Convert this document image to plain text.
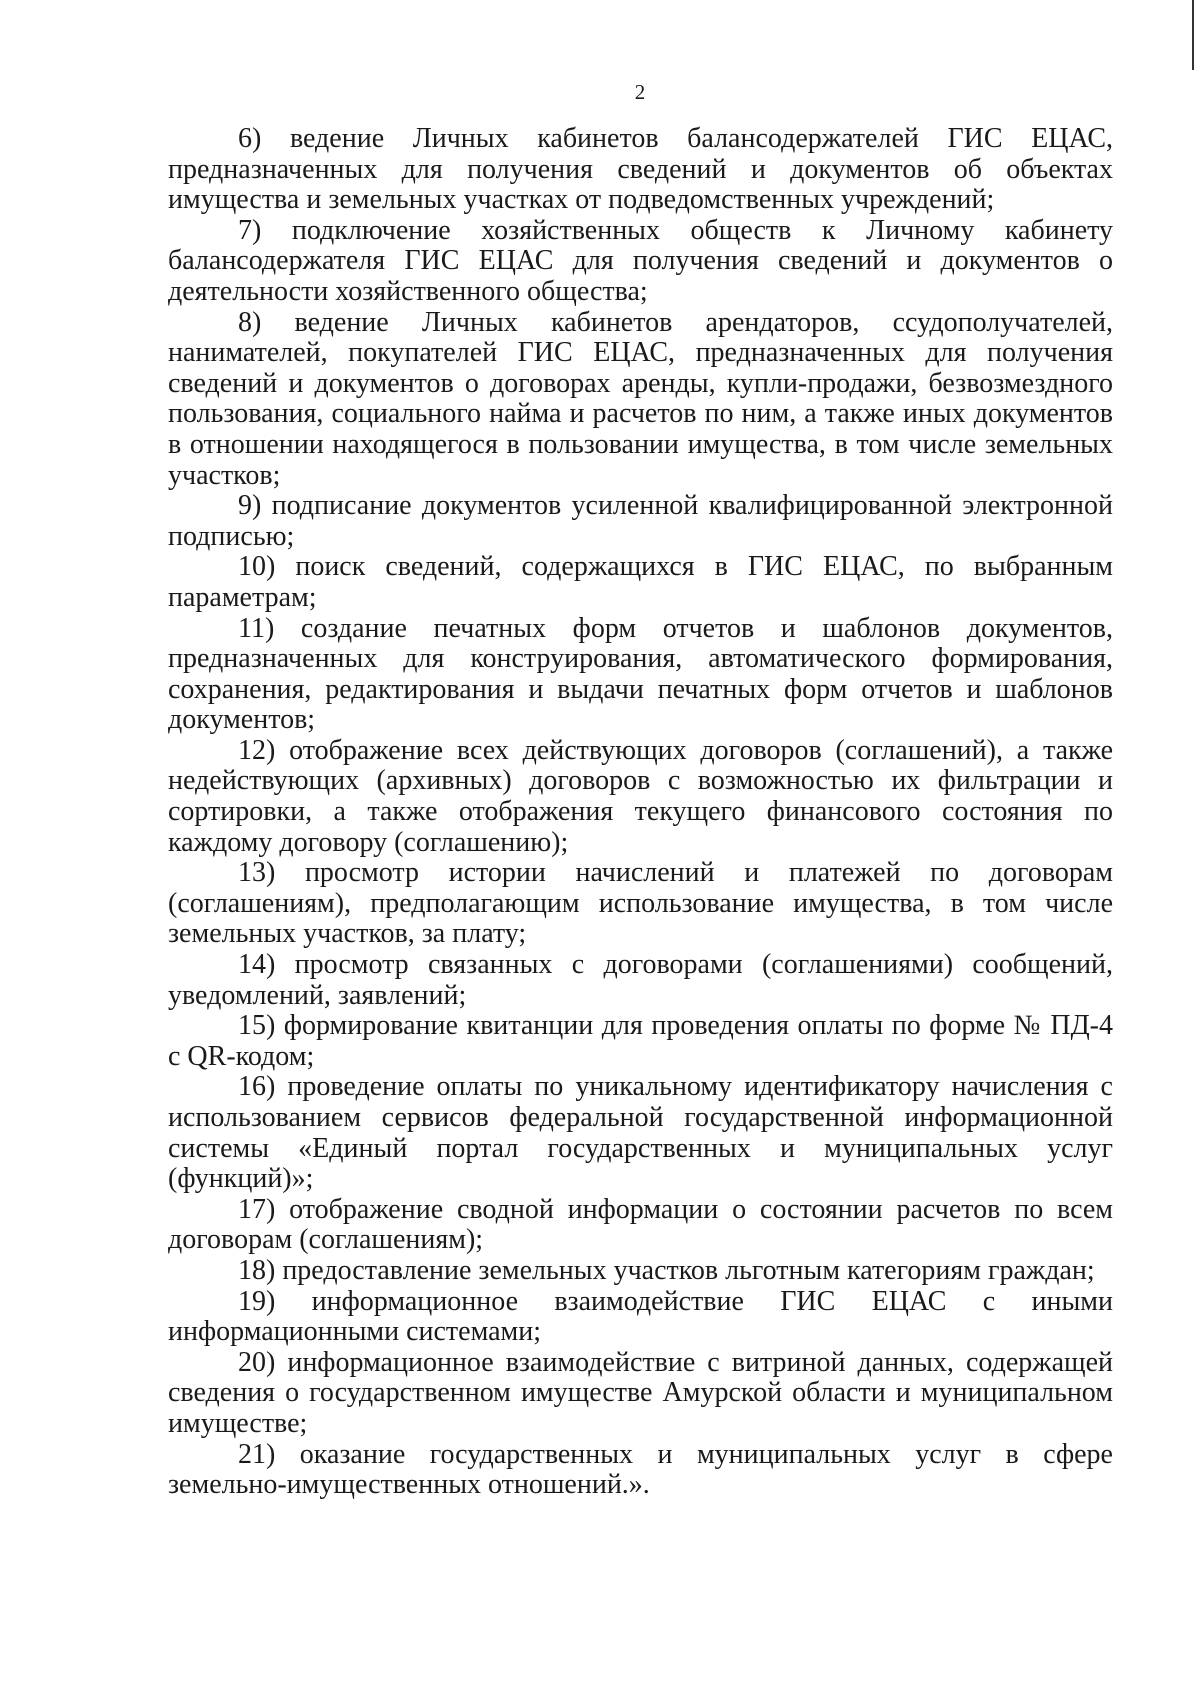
2

6) ведение Личных кабинетов балансодержателей ГИС ЕЦАС, предназначенных для получения сведений и документов об объектах имущества и земельных участках от подведомственных учреждений;

7) подключение хозяйственных обществ к Личному кабинету балансодержателя ГИС ЕЦАС для получения сведений и документов о деятельности хозяйственного общества;

8) ведение Личных кабинетов арендаторов, ссудополучателей, нанимателей, покупателей ГИС ЕЦАС, предназначенных для получения сведений и документов о договорах аренды, купли-продажи, безвозмездного пользования, социального найма и расчетов по ним, а также иных документов в отношении находящегося в пользовании имущества, в том числе земельных участков;

9) подписание документов усиленной квалифицированной электронной подписью;

10) поиск сведений, содержащихся в ГИС ЕЦАС, по выбранным параметрам;

11) создание печатных форм отчетов и шаблонов документов, предназначенных для конструирования, автоматического формирования, сохранения, редактирования и выдачи печатных форм отчетов и шаблонов документов;

12) отображение всех действующих договоров (соглашений), а также недействующих (архивных) договоров с возможностью их фильтрации и сортировки, а также отображения текущего финансового состояния по каждому договору (соглашению);

13) просмотр истории начислений и платежей по договорам (соглашениям), предполагающим использование имущества, в том числе земельных участков, за плату;

14) просмотр связанных с договорами (соглашениями) сообщений, уведомлений, заявлений;

15) формирование квитанции для проведения оплаты по форме № ПД-4 с QR-кодом;

16) проведение оплаты по уникальному идентификатору начисления с использованием сервисов федеральной государственной информационной системы «Единый портал государственных и муниципальных услуг (функций)»;

17) отображение сводной информации о состоянии расчетов по всем договорам (соглашениям);

18) предоставление земельных участков льготным категориям граждан;

19) информационное взаимодействие ГИС ЕЦАС с иными информационными системами;

20) информационное взаимодействие с витриной данных, содержащей сведения о государственном имуществе Амурской области и муниципальном имуществе;

21) оказание государственных и муниципальных услуг в сфере земельно-имущественных отношений.».
